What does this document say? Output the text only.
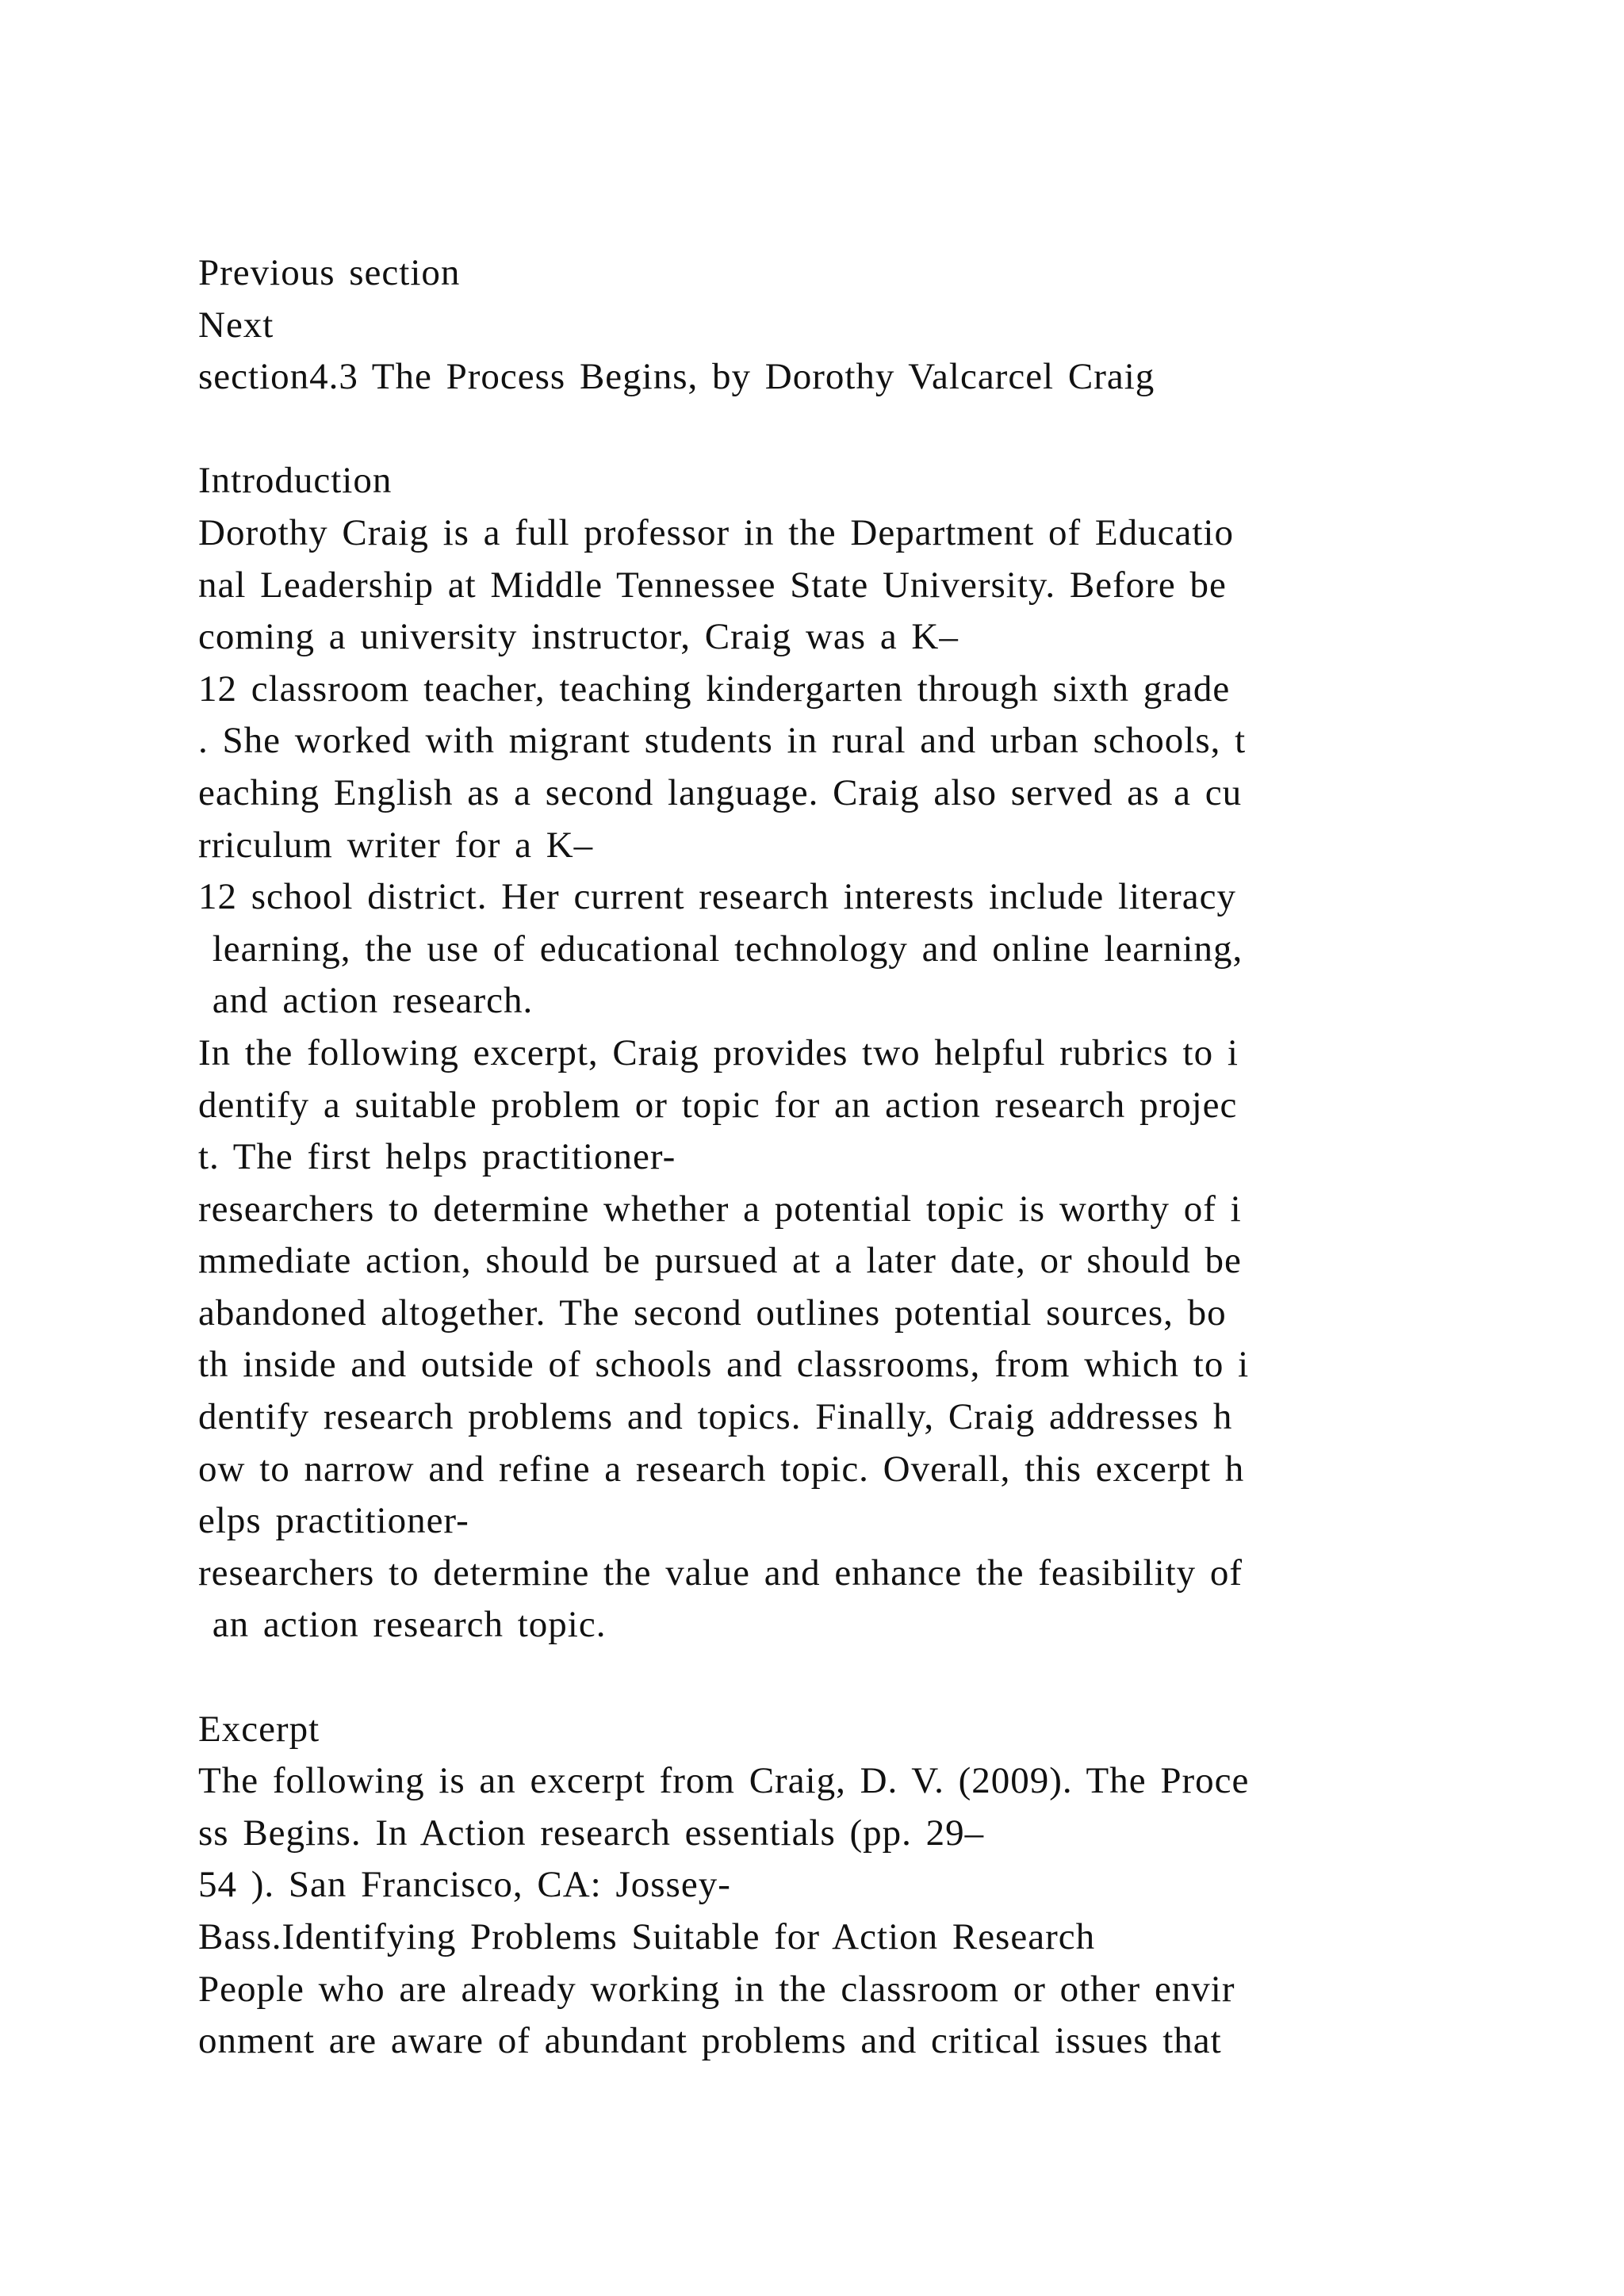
Previous section
Next
section4.3 The Process Begins, by Dorothy Valcarcel Craig
Introduction
Dorothy Craig is a full professor in the Department of Educatio
nal Leadership at Middle Tennessee State University. Before be
coming a university instructor, Craig was a K–
12 classroom teacher, teaching kindergarten through sixth grade
. She worked with migrant students in rural and urban schools, t
eaching English as a second language. Craig also served as a cu
rriculum writer for a K–
12 school district. Her current research interests include literacy
learning, the use of educational technology and online learning,
and action research.
In the following excerpt, Craig provides two helpful rubrics to i
dentify a suitable problem or topic for an action research projec
t. The first helps practitioner-
researchers to determine whether a potential topic is worthy of i
mmediate action, should be pursued at a later date, or should be
abandoned altogether. The second outlines potential sources, bo
th inside and outside of schools and classrooms, from which to i
dentify research problems and topics. Finally, Craig addresses h
ow to narrow and refine a research topic. Overall, this excerpt h
elps practitioner-
researchers to determine the value and enhance the feasibility of
an action research topic.
Excerpt
The following is an excerpt from Craig, D. V. (2009). The Proce
ss Begins. In Action research essentials (pp. 29–
54 ). San Francisco, CA: Jossey-
Bass.Identifying Problems Suitable for Action Research
People who are already working in the classroom or other envir
onment are aware of abundant problems and critical issues that
